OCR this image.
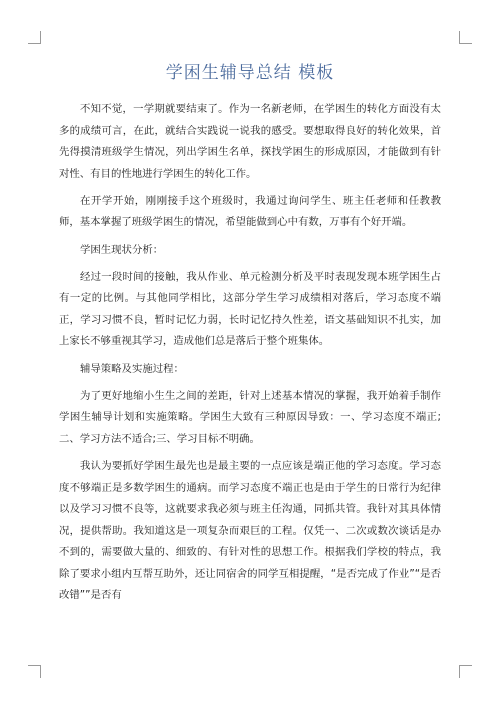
学困生辅导总结 模板

不知不觉，一学期就要结束了。作为一名新老师，在学困生的转化方面没有太多的成绩可言，在此，就结合实践说一说我的感受。要想取得良好的转化效果，首先得摸清班级学生情况，列出学困生名单，探找学困生的形成原因，才能做到有针对性、有目的性地进行学困生的转化工作。

在开学开始，刚刚接手这个班级时，我通过询问学生、班主任老师和任教教师，基本掌握了班级学困生的情况，希望能做到心中有数，万事有个好开端。

学困生现状分析：

经过一段时间的接触，我从作业、单元检测分析及平时表现发现本班学困生占有一定的比例。与其他同学相比，这部分学生学习成绩相对落后，学习态度不端正，学习习惯不良，暂时记忆力弱，长时记忆持久性差，语文基础知识不扎实，加上家长不够重视其学习，造成他们总是落后于整个班集体。

辅导策略及实施过程：

为了更好地缩小生生之间的差距，针对上述基本情况的掌握，我开始着手制作学困生辅导计划和实施策略。学困生大致有三种原因导致：一、学习态度不端正;二、学习方法不适合;三、学习目标不明确。

我认为要抓好学困生最先也是最主要的一点应该是端正他的学习态度。学习态度不够端正是多数学困生的通病。而学习态度不端正也是由于学生的日常行为纪律以及学习习惯不良等，这就要求我必须与班主任沟通，同抓共管。我针对其具体情况，提供帮助。我知道这是一项复杂而艰巨的工程。仅凭一、二次或数次谈话是办不到的，需要做大量的、细致的、有针对性的思想工作。根据我们学校的特点，我除了要求小组内互帮互助外，还让同宿舍的同学互相提醒，“是否完成了作业”“是否改错””是否有
